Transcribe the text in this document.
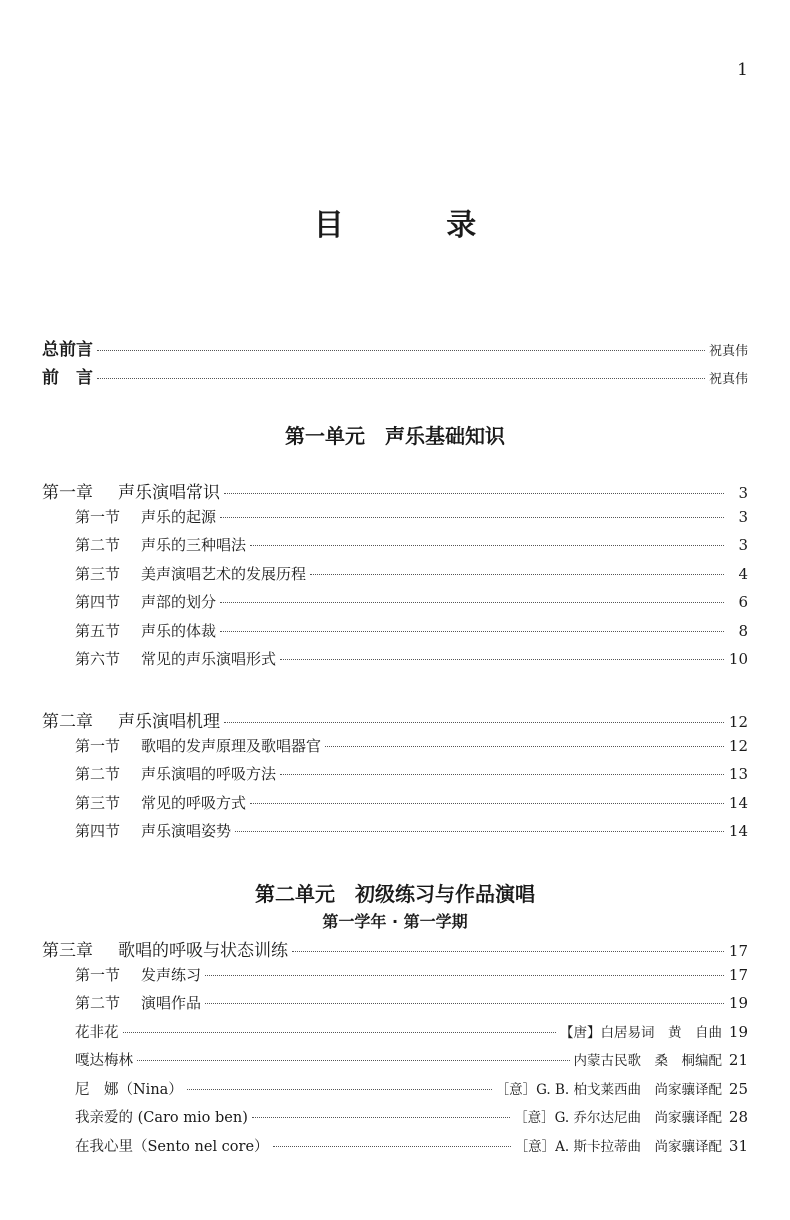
1
目 录
总前言	祝真伟
前　言	祝真伟
第一单元　声乐基础知识
第一章	声乐演唱常识	3
第一节	声乐的起源	3
第二节	声乐的三种唱法	3
第三节	美声演唱艺术的发展历程	4
第四节	声部的划分	6
第五节	声乐的体裁	8
第六节	常见的声乐演唱形式	10
第二章	声乐演唱机理	12
第一节	歌唱的发声原理及歌唱器官	12
第二节	声乐演唱的呼吸方法	13
第三节	常见的呼吸方式	14
第四节	声乐演唱姿势	14
第二单元　初级练习与作品演唱
第一学年 · 第一学期
第三章	歌唱的呼吸与状态训练	17
第一节	发声练习	17
第二节	演唱作品	19
花非花	【唐】白居易词　黄　自曲 19
嘎达梅林	内蒙古民歌　桑　桐编配 21
尼　娜（Nina）	［意］G. B. 柏戈莱西曲　尚家骧译配 25
我亲爱的 (Caro mio ben)	［意］G. 乔尔达尼曲　尚家骧译配 28
在我心里（Sento nel core）	［意］A. 斯卡拉蒂曲　尚家骧译配 31
